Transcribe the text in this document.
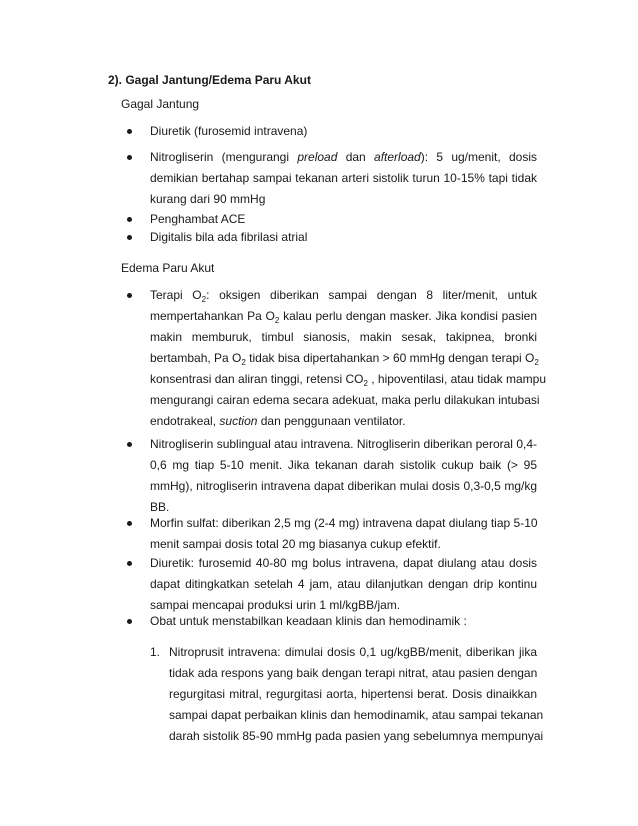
2). Gagal Jantung/Edema Paru Akut
Gagal Jantung
Diuretik (furosemid intravena)
Nitrogliserin (mengurangi preload dan afterload): 5 ug/menit, dosis
demikian bertahap sampai tekanan arteri sistolik turun 10-15% tapi tidak
kurang dari 90 mmHg
Penghambat ACE
Digitalis bila ada fibrilasi atrial
Edema Paru Akut
Terapi $O_2$: oksigen diberikan sampai dengan 8 liter/menit, untuk
mempertahankan Pa $O_2$ kalau perlu dengan masker. Jika kondisi pasien
makin memburuk, timbul sianosis, makin sesak, takipnea, bronki
bertambah, Pa $O_2$ tidak bisa dipertahankan > 60 mmHg dengan terapi $O_2$
konsentrasi dan aliran tinggi, retensi $CO_2$ , hipoventilasi, atau tidak mampu
mengurangi cairan edema secara adekuat, maka perlu dilakukan intubasi
endotrakeal, suction dan penggunaan ventilator.
Nitrogliserin sublingual atau intravena. Nitrogliserin diberikan peroral 0,4-
0,6 mg tiap 5-10 menit. Jika tekanan darah sistolik cukup baik (> 95
mmHg), nitrogliserin intravena dapat diberikan mulai dosis 0,3-0,5 mg/kg
BB.
Morfin sulfat: diberikan 2,5 mg (2-4 mg) intravena dapat diulang tiap 5-10
menit sampai dosis total 20 mg biasanya cukup efektif.
Diuretik: furosemid 40-80 mg bolus intravena, dapat diulang atau dosis
dapat ditingkatkan setelah 4 jam, atau dilanjutkan dengan drip kontinu
sampai mencapai produksi urin 1 ml/kgBB/jam.
Obat untuk menstabilkan keadaan klinis dan hemodinamik :
1. Nitroprusit intravena: dimulai dosis 0,1 ug/kgBB/menit, diberikan jika
tidak ada respons yang baik dengan terapi nitrat, atau pasien dengan
regurgitasi mitral, regurgitasi aorta, hipertensi berat. Dosis dinaikkan
sampai dapat perbaikan klinis dan hemodinamik, atau sampai tekanan
darah sistolik 85-90 mmHg pada pasien yang sebelumnya mempunyai
